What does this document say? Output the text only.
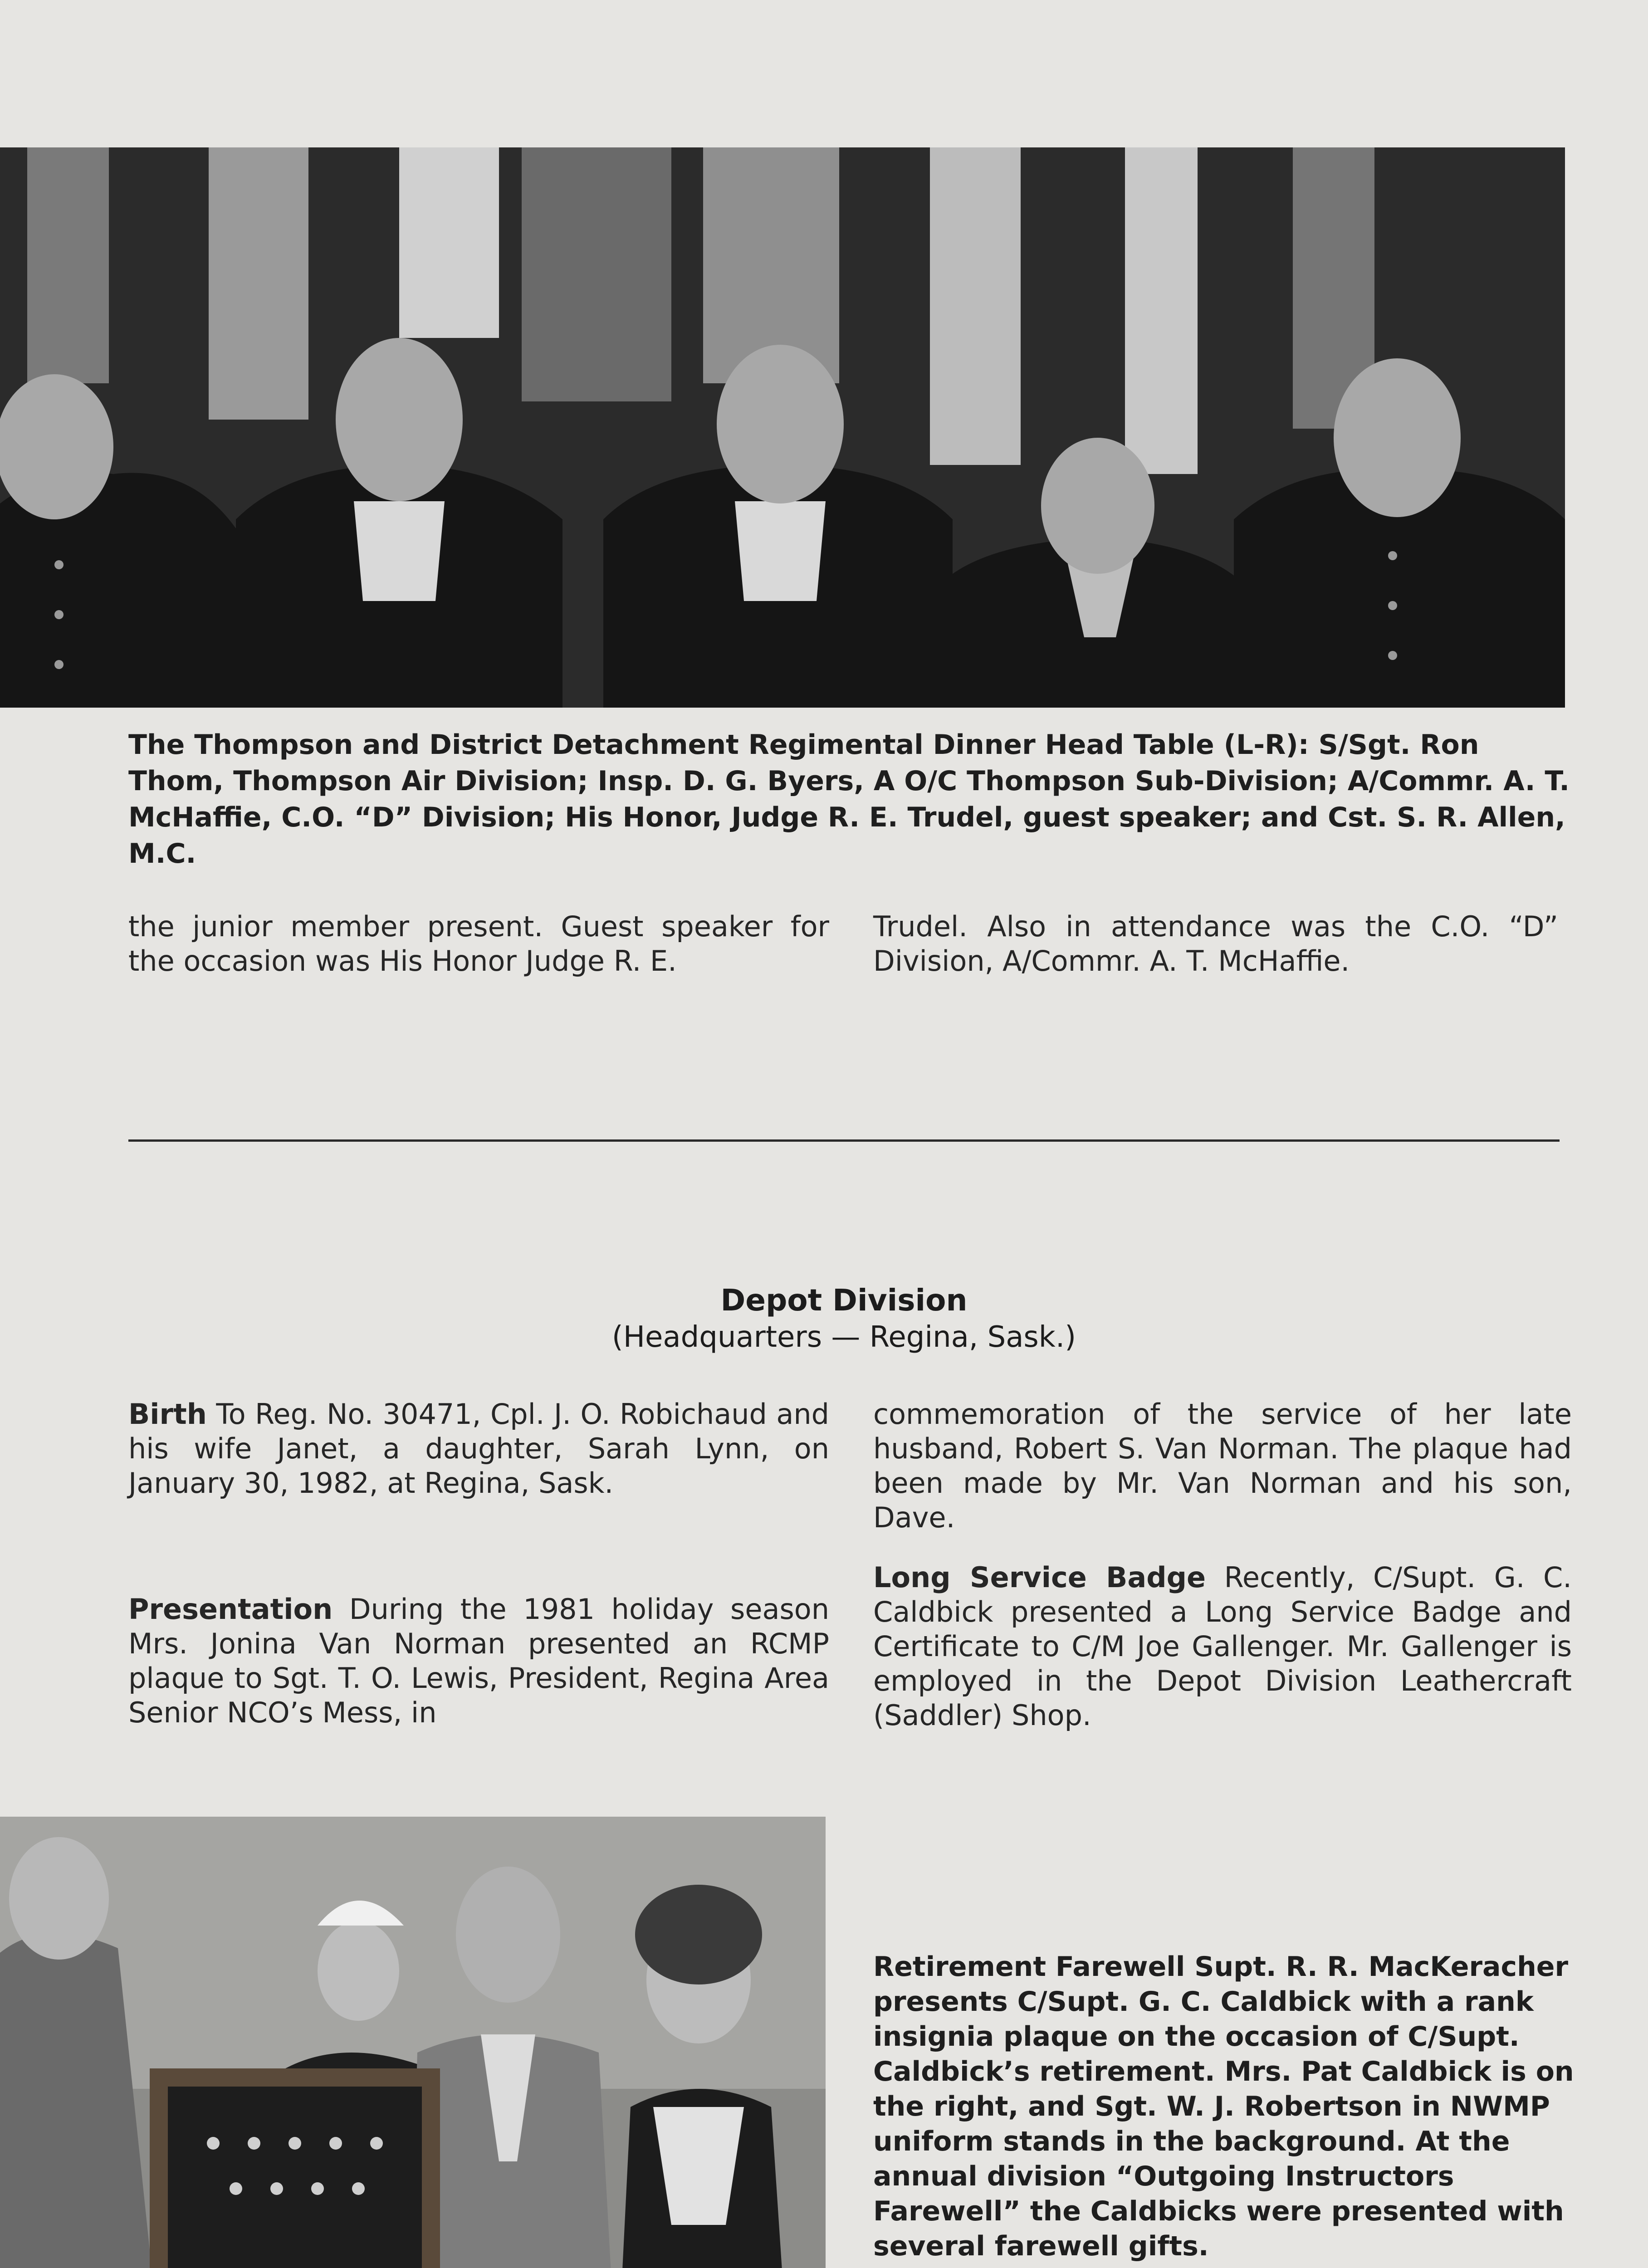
The Thompson and District Detachment Regimental Dinner Head Table (L-R): S/Sgt. Ron Thom, Thompson Air Division; Insp. D. G. Byers, A O/C Thompson Sub-Division; A/Commr. A. T. McHaffie, C.O. “D” Division; His Honor, Judge R. E. Trudel, guest speaker; and Cst. S. R. Allen, M.C.
the junior member present. Guest speaker for the occasion was His Honor Judge R. E.
Trudel. Also in attendance was the C.O. “D” Division, A/Commr. A. T. McHaffie.
Depot Division
(Headquarters — Regina, Sask.)
Birth To Reg. No. 30471, Cpl. J. O. Robichaud and his wife Janet, a daughter, Sarah Lynn, on January 30, 1982, at Regina, Sask.
Presentation During the 1981 holiday season Mrs. Jonina Van Norman presented an RCMP plaque to Sgt. T. O. Lewis, President, Regina Area Senior NCO’s Mess, in
commemoration of the service of her late husband, Robert S. Van Norman. The plaque had been made by Mr. Van Norman and his son, Dave.
Long Service Badge Recently, C/Supt. G. C. Caldbick presented a Long Service Badge and Certificate to C/M Joe Gallenger. Mr. Gallenger is employed in the Depot Division Leathercraft (Saddler) Shop.
Retirement Farewell Supt. R. R. MacKeracher presents C/Supt. G. C. Caldbick with a rank insignia plaque on the occasion of C/Supt. Caldbick’s retirement. Mrs. Pat Caldbick is on the right, and Sgt. W. J. Robertson in NWMP uniform stands in the background. At the annual division “Outgoing Instructors Farewell” the Caldbicks were presented with several farewell gifts.
